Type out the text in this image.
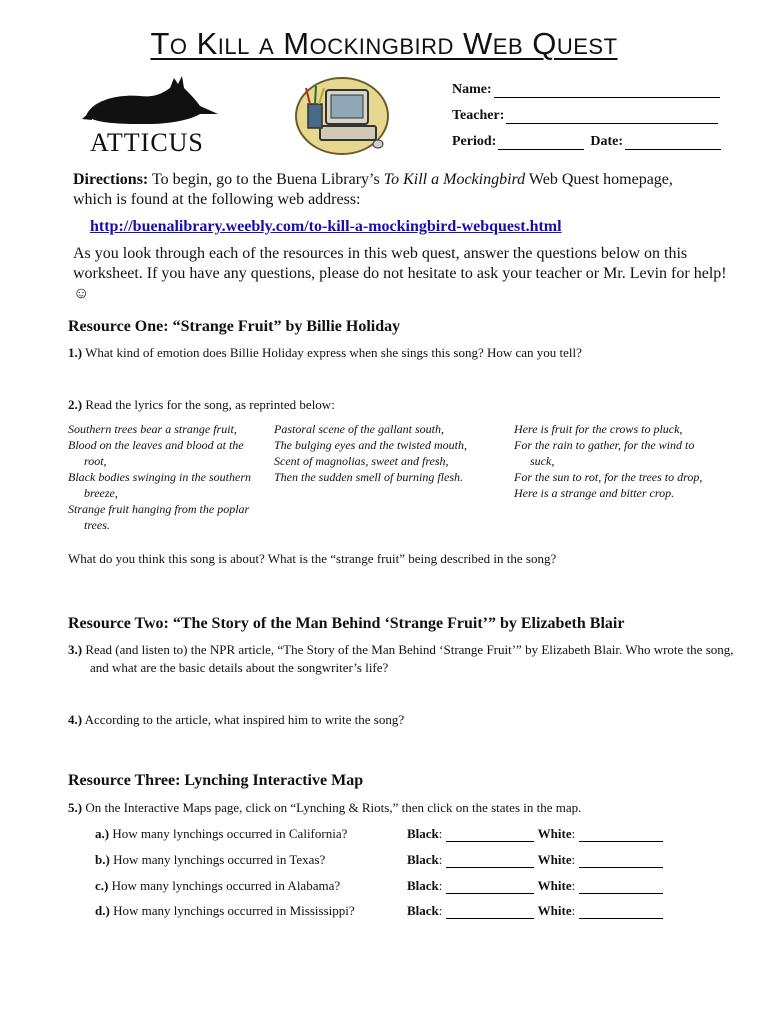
To Kill a Mockingbird Web Quest
ATTICUS
Name:
Teacher:
Period:	Date:
Directions: To begin, go to the Buena Library’s To Kill a Mockingbird Web Quest homepage, which is found at the following web address:
http://buenalibrary.weebly.com/to-kill-a-mockingbird-webquest.html
As you look through each of the resources in this web quest, answer the questions below on this worksheet. If you have any questions, please do not hesitate to ask your teacher or Mr. Levin for help! ☺
Resource One: “Strange Fruit” by Billie Holiday
1.) What kind of emotion does Billie Holiday express when she sings this song? How can you tell?
2.) Read the lyrics for the song, as reprinted below:
Southern trees bear a strange fruit,
Blood on the leaves and blood at the root,
Black bodies swinging in the southern breeze,
Strange fruit hanging from the poplar trees.
Pastoral scene of the gallant south,
The bulging eyes and the twisted mouth,
Scent of magnolias, sweet and fresh,
Then the sudden smell of burning flesh.
Here is fruit for the crows to pluck,
For the rain to gather, for the wind to suck,
For the sun to rot, for the trees to drop,
Here is a strange and bitter crop.
What do you think this song is about? What is the “strange fruit” being described in the song?
Resource Two: “The Story of the Man Behind ‘Strange Fruit’” by Elizabeth Blair
3.) Read (and listen to) the NPR article, “The Story of the Man Behind ‘Strange Fruit’” by Elizabeth Blair. Who wrote the song, and what are the basic details about the songwriter’s life?
4.) According to the article, what inspired him to write the song?
Resource Three: Lynching Interactive Map
5.) On the Interactive Maps page, click on “Lynching & Riots,” then click on the states in the map.
a.) How many lynchings occurred in California?	Black :	White :
b.) How many lynchings occurred in Texas?	Black :	White :
c.) How many lynchings occurred in Alabama?	Black :	White :
d.) How many lynchings occurred in Mississippi?	Black :	White :
